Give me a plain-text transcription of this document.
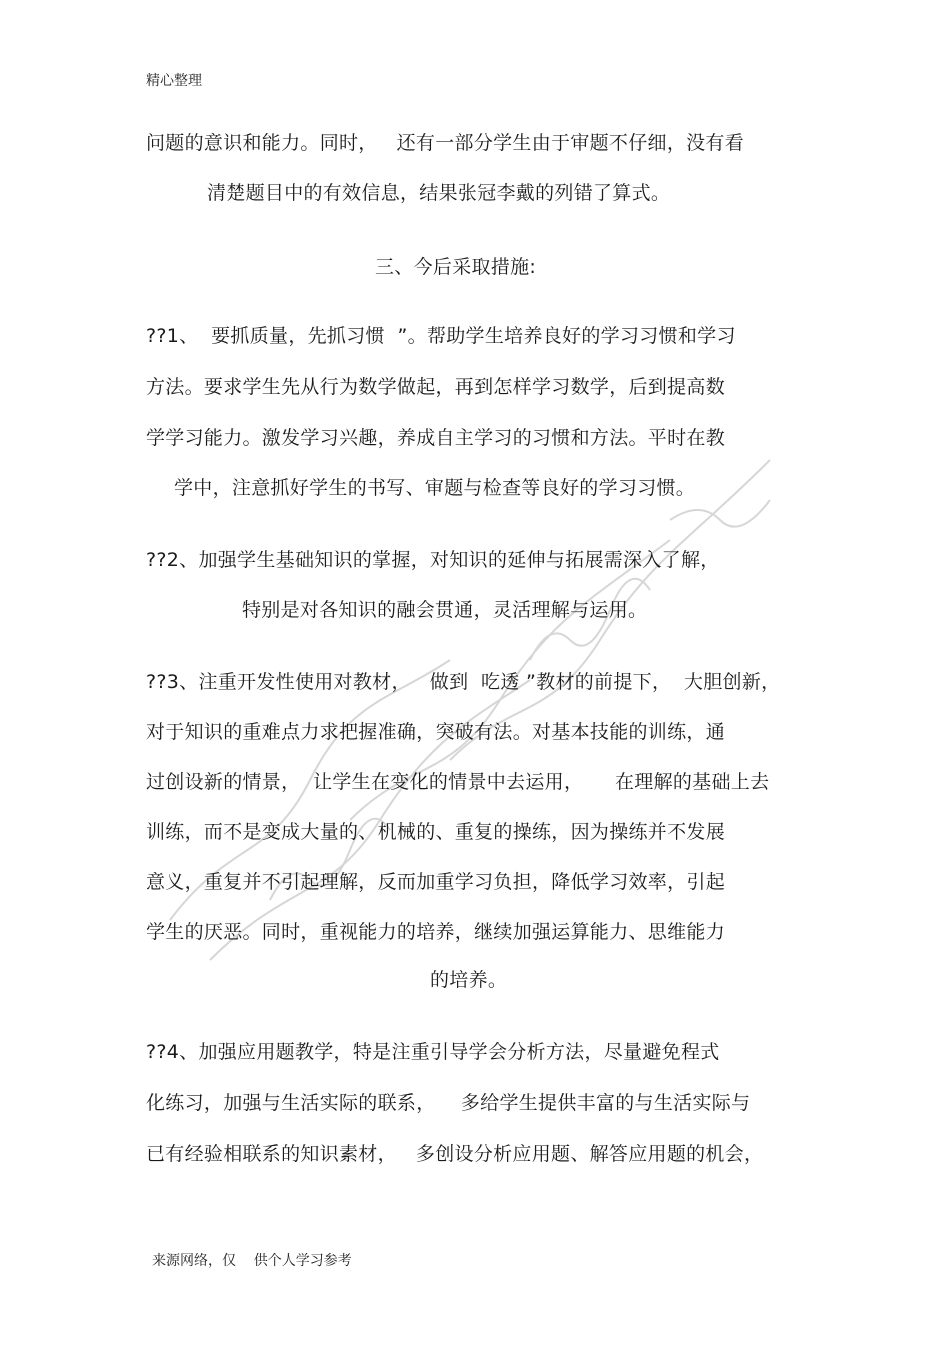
精心整理
问题的意识和能力。同时，   还有一部分学生由于审题不仔细，没有看
清楚题目中的有效信息，结果张冠李戴的列错了算式。
三、今后采取措施:
??1、  要抓质量，先抓习惯  ”。帮助学生培养良好的学习习惯和学习
方法。要求学生先从行为数学做起，再到怎样学习数学，后到提高数
学学习能力。激发学习兴趣，养成自主学习的习惯和方法。平时在教
学中，注意抓好学生的书写、审题与检查等良好的学习习惯。
??2、加强学生基础知识的掌握，对知识的延伸与拓展需深入了解，
特别是对各知识的融会贯通，灵活理解与运用。
??3、注重开发性使用对教材，   做到  吃透 ”教材的前提下，  大胆创新，
对于知识的重难点力求把握准确，突破有法。对基本技能的训练，通
过创设新的情景，  让学生在变化的情景中去运用，     在理解的基础上去
训练，而不是变成大量的、机械的、重复的操练，因为操练并不发展
意义，重复并不引起理解，反而加重学习负担，降低学习效率，引起
学生的厌恶。同时，重视能力的培养，继续加强运算能力、思维能力
的培养。
??4、加强应用题教学，特是注重引导学会分析方法，尽量避免程式
化练习，加强与生活实际的联系，    多给学生提供丰富的与生活实际与
已有经验相联系的知识素材，   多创设分析应用题、解答应用题的机会，
来源网络，仅    供个人学习参考
